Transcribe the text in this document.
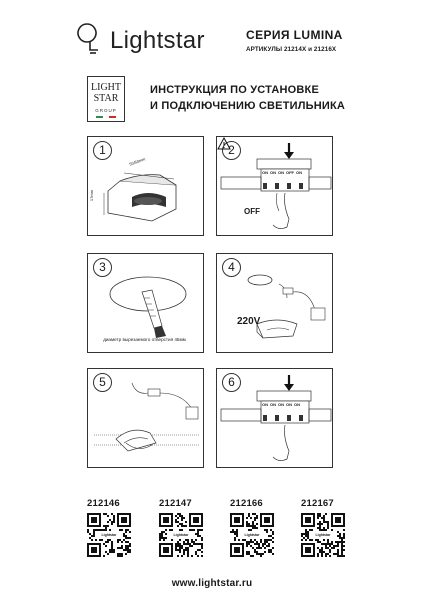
Lightstar	СЕРИЯ LUMINA
АРТИКУЛЫ 21214X и 21216X
LIGHT
STAR
GROUP
ИНСТРУКЦИЯ ПО УСТАНОВКЕ
И ПОДКЛЮЧЕНИЮ СВЕТИЛЬНИКА
1
50/50mm
17mm
2
ON ON ON OFF ON
OFF
3
диаметр вырезаемого отверстия 45мм
4
220V
5	6
ON ON ON ON ON
212146	212147	212166	212167
Lightstar	Lightstar	Lightstar	Lightstar
www.lightstar.ru
